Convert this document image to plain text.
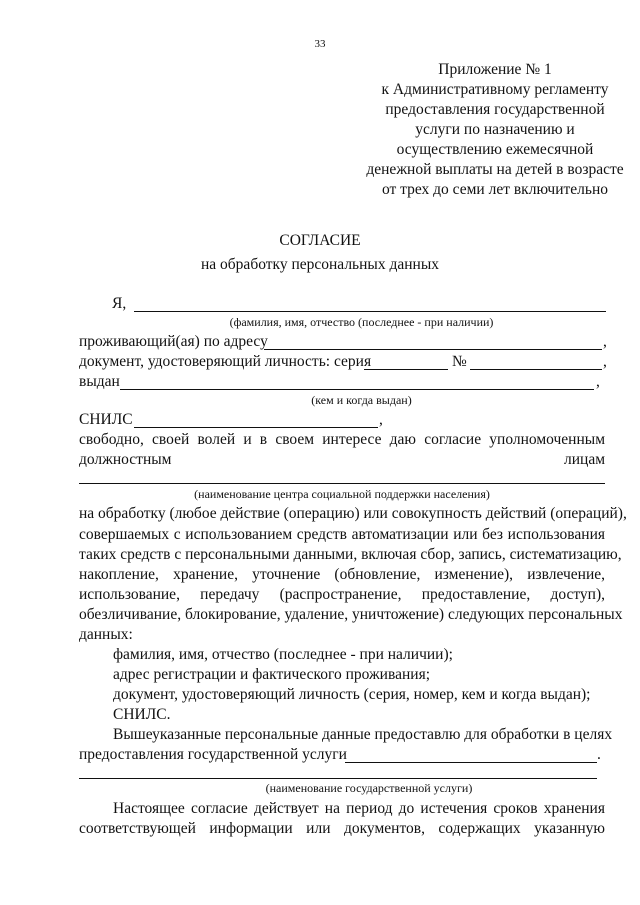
33
Приложение № 1
к Административному регламенту
предоставления государственной
услуги по назначению и
осуществлению ежемесячной
денежной выплаты на детей в возрасте
от трех до семи лет включительно
СОГЛАСИЕ
на обработку персональных данных
Я,
(фамилия, имя, отчество (последнее - при наличии)
проживающий(ая) по адресу	,
документ, удостоверяющий личность: серия	№	,
выдан	,
(кем и когда выдан)
СНИЛС	,
свободно, своей волей и в своем интересе даю согласие уполномоченным
должностным	лицам
(наименование центра социальной поддержки населения)
на обработку (любое действие (операцию) или совокупность действий (операций),
совершаемых с использованием средств автоматизации или без использования
таких средств с персональными данными, включая сбор, запись, систематизацию,
накопление, хранение, уточнение (обновление, изменение), извлечение,
использование, передачу (распространение, предоставление, доступ),
обезличивание, блокирование, удаление, уничтожение) следующих персональных
данных:
фамилия, имя, отчество (последнее - при наличии);
адрес регистрации и фактического проживания;
документ, удостоверяющий личность (серия, номер, кем и когда выдан);
СНИЛС.
Вышеуказанные персональные данные предоставлю для обработки в целях
предоставления государственной услуги	.
(наименование государственной услуги)
Настоящее согласие действует на период до истечения сроков хранения
соответствующей информации или документов, содержащих указанную
